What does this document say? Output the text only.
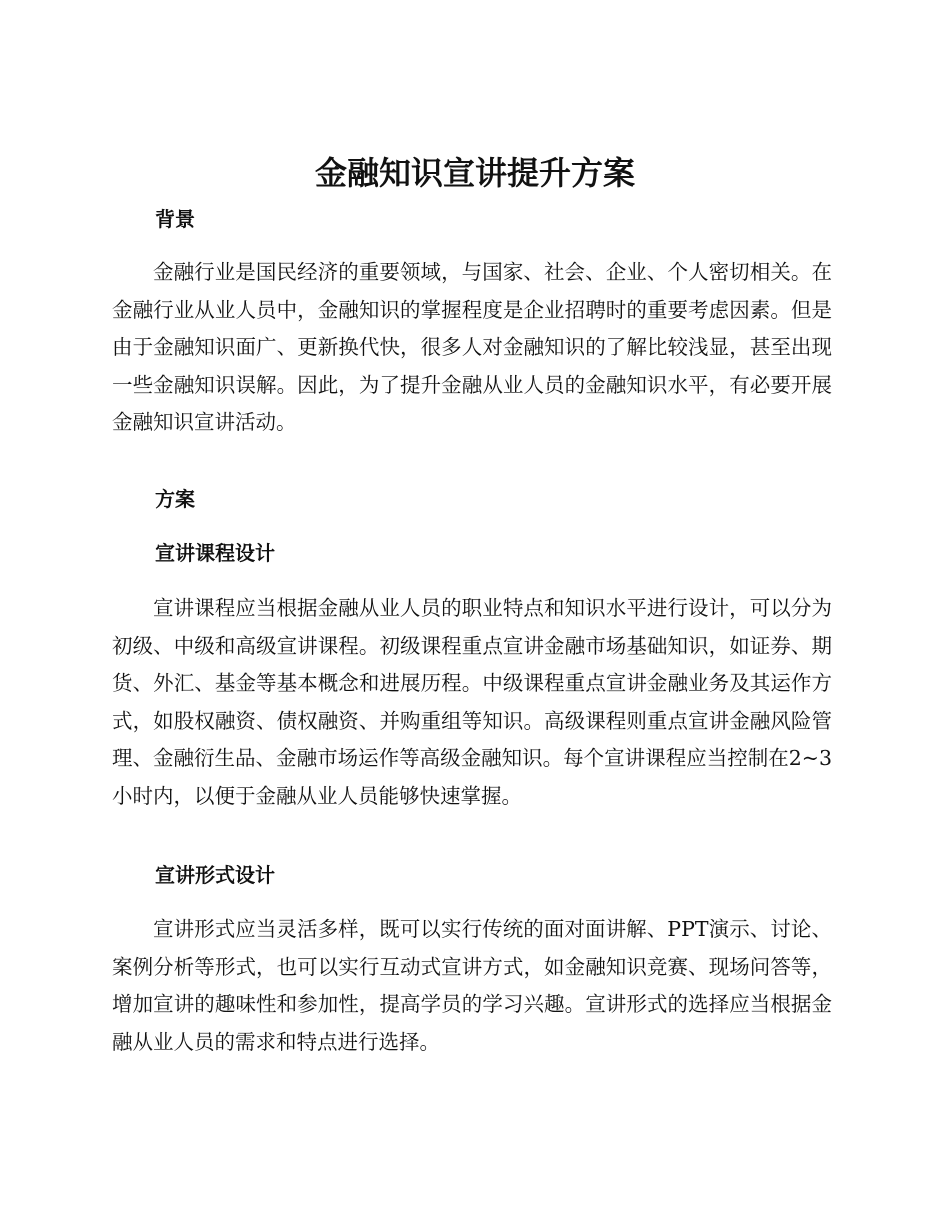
金融知识宣讲提升方案
背景
金融行业是国民经济的重要领域，与国家、社会、企业、个人密切相关。在金融行业从业人员中，金融知识的掌握程度是企业招聘时的重要考虑因素。但是由于金融知识面广、更新换代快，很多人对金融知识的了解比较浅显，甚至出现一些金融知识误解。因此，为了提升金融从业人员的金融知识水平，有必要开展金融知识宣讲活动。
方案
宣讲课程设计
宣讲课程应当根据金融从业人员的职业特点和知识水平进行设计，可以分为初级、中级和高级宣讲课程。初级课程重点宣讲金融市场基础知识，如证券、期货、外汇、基金等基本概念和进展历程。中级课程重点宣讲金融业务及其运作方式，如股权融资、债权融资、并购重组等知识。高级课程则重点宣讲金融风险管理、金融衍生品、金融市场运作等高级金融知识。每个宣讲课程应当控制在2~3小时内，以便于金融从业人员能够快速掌握。
宣讲形式设计
宣讲形式应当灵活多样，既可以实行传统的面对面讲解、PPT演示、讨论、案例分析等形式，也可以实行互动式宣讲方式，如金融知识竞赛、现场问答等，增加宣讲的趣味性和参加性，提高学员的学习兴趣。宣讲形式的选择应当根据金融从业人员的需求和特点进行选择。
